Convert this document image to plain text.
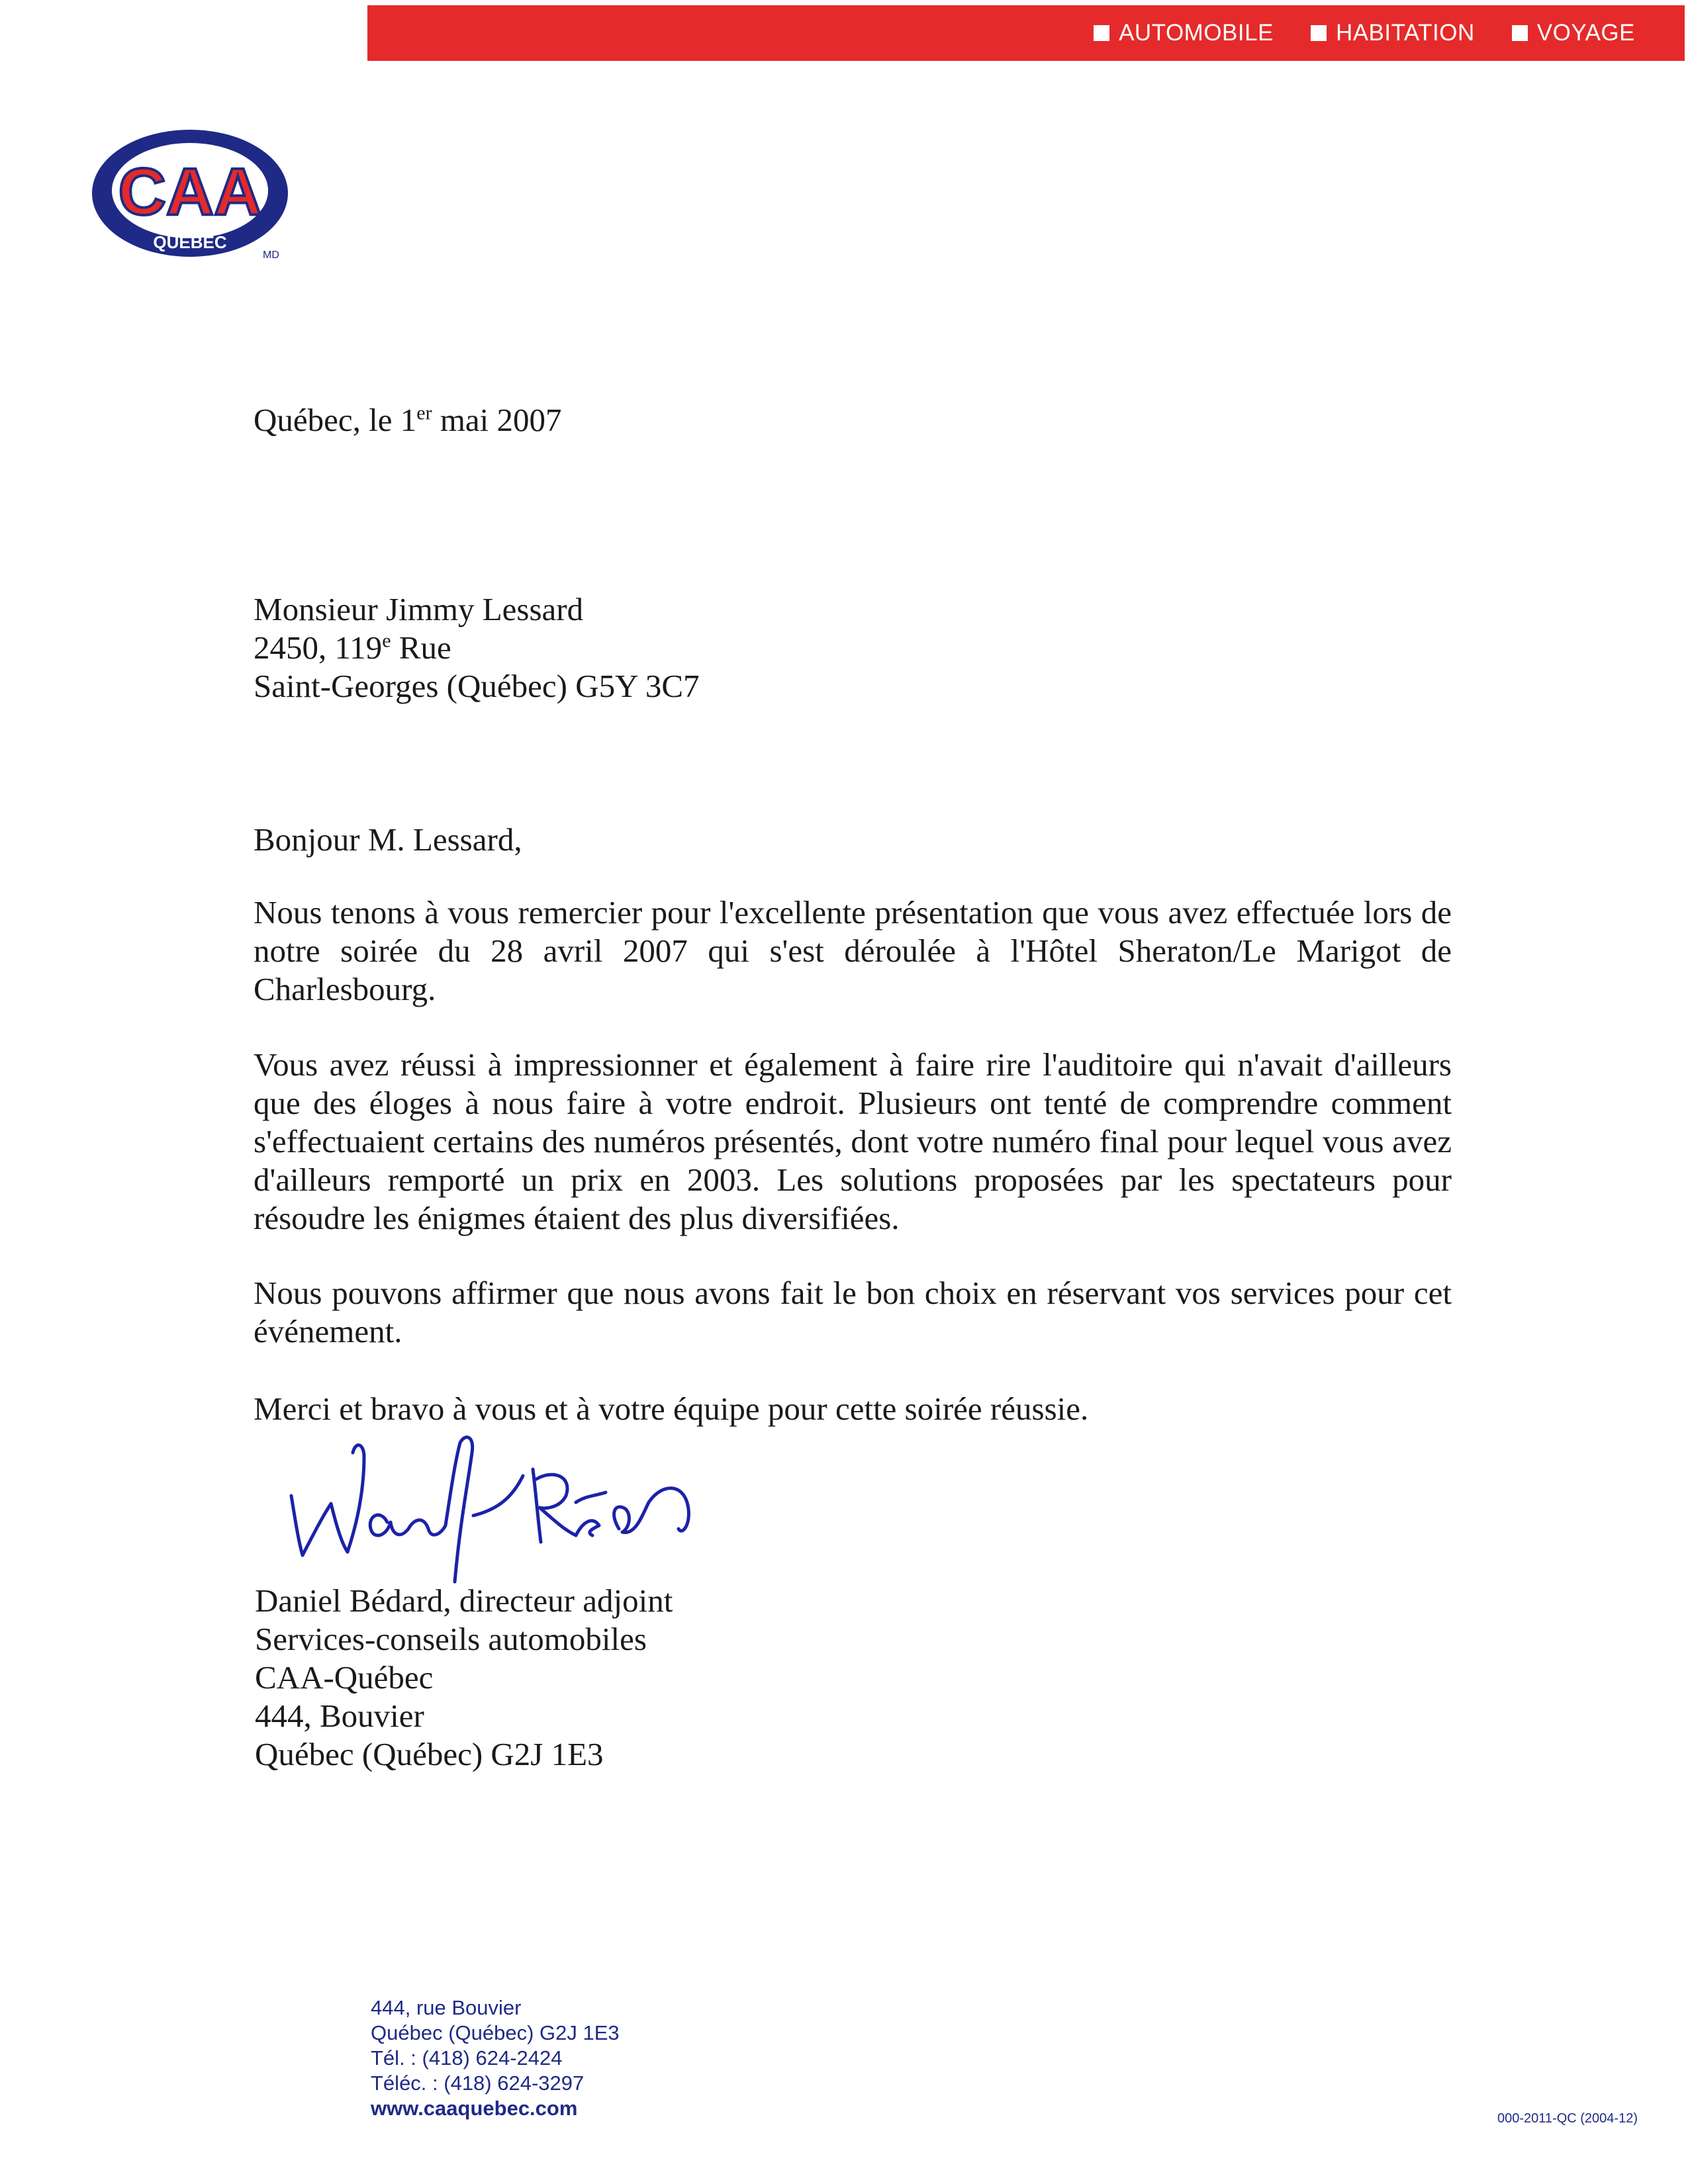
AUTOMOBILE	HABITATION	VOYAGE
CAA
QUÉBEC
MD
Québec, le 1er mai 2007
Monsieur Jimmy Lessard
2450, 119e Rue
Saint-Georges (Québec) G5Y 3C7
Bonjour M. Lessard,
Nous tenons à vous remercier pour l'excellente présentation que vous avez effectuée lors de notre soirée du 28 avril 2007 qui s'est déroulée à l'Hôtel Sheraton/Le Marigot de Charlesbourg.
Vous avez réussi à impressionner et également à faire rire l'auditoire qui n'avait d'ailleurs que des éloges à nous faire à votre endroit. Plusieurs ont tenté de comprendre comment s'effectuaient certains des numéros présentés, dont votre numéro final pour lequel vous avez d'ailleurs remporté un prix en 2003. Les solutions proposées par les spectateurs pour résoudre les énigmes étaient des plus diversifiées.
Nous pouvons affirmer que nous avons fait le bon choix en réservant vos services pour cet événement.
Merci et bravo à vous et à votre équipe pour cette soirée réussie.
Daniel Bédard, directeur adjoint
Services-conseils automobiles
CAA-Québec
444, Bouvier
Québec (Québec) G2J 1E3
444, rue Bouvier
Québec (Québec) G2J 1E3
Tél. : (418) 624-2424
Téléc. : (418) 624-3297
www.caaquebec.com	000-2011-QC (2004-12)
